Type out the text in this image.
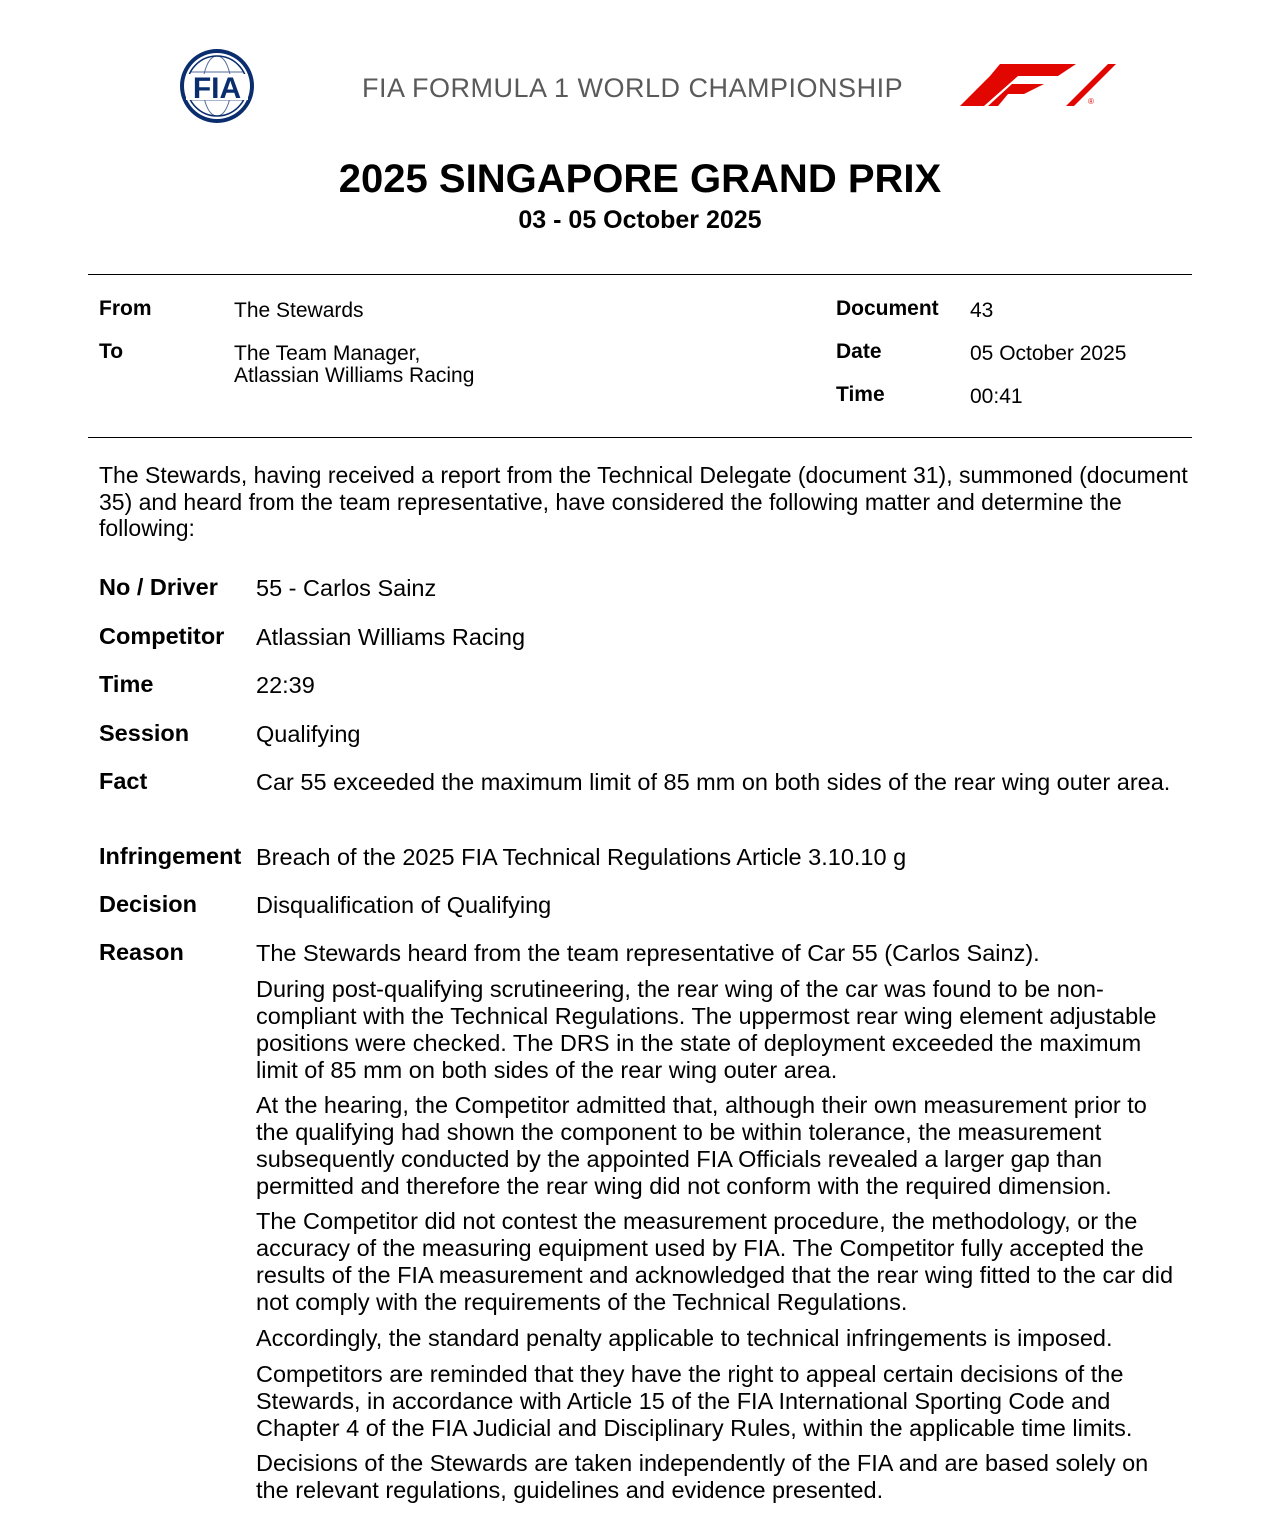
FIA	FIA FORMULA 1 WORLD CHAMPIONSHIP
F1
®
2025 SINGAPORE GRAND PRIX
03 - 05 October 2025
From	The Stewards
To	The Team Manager,
Atlassian Williams Racing
Document 43
Date	05 October 2025
Time	00:41
The Stewards, having received a report from the Technical Delegate (document 31), summoned (document 35) and heard from the team representative, have considered the following matter and determine the following:
No / Driver 55 - Carlos Sainz
Competitor Atlassian Williams Racing
Time	22:39
Session	Qualifying
Fact	Car 55 exceeded the maximum limit of 85 mm on both sides of the rear wing outer area.
Infringement Breach of the 2025 FIA Technical Regulations Article 3.10.10 g
Decision	Disqualification of Qualifying
Reason	The Stewards heard from the team representative of Car 55 (Carlos Sainz).
During post-qualifying scrutineering, the rear wing of the car was found to be non-compliant with the Technical Regulations. The uppermost rear wing element adjustable positions were checked. The DRS in the state of deployment exceeded the maximum limit of 85 mm on both sides of the rear wing outer area.
At the hearing, the Competitor admitted that, although their own measurement prior to the qualifying had shown the component to be within tolerance, the measurement subsequently conducted by the appointed FIA Officials revealed a larger gap than permitted and therefore the rear wing did not conform with the required dimension.
The Competitor did not contest the measurement procedure, the methodology, or the accuracy of the measuring equipment used by FIA. The Competitor fully accepted the results of the FIA measurement and acknowledged that the rear wing fitted to the car did not comply with the requirements of the Technical Regulations.
Accordingly, the standard penalty applicable to technical infringements is imposed.
Competitors are reminded that they have the right to appeal certain decisions of the Stewards, in accordance with Article 15 of the FIA International Sporting Code and Chapter 4 of the FIA Judicial and Disciplinary Rules, within the applicable time limits.
Decisions of the Stewards are taken independently of the FIA and are based solely on the relevant regulations, guidelines and evidence presented.
